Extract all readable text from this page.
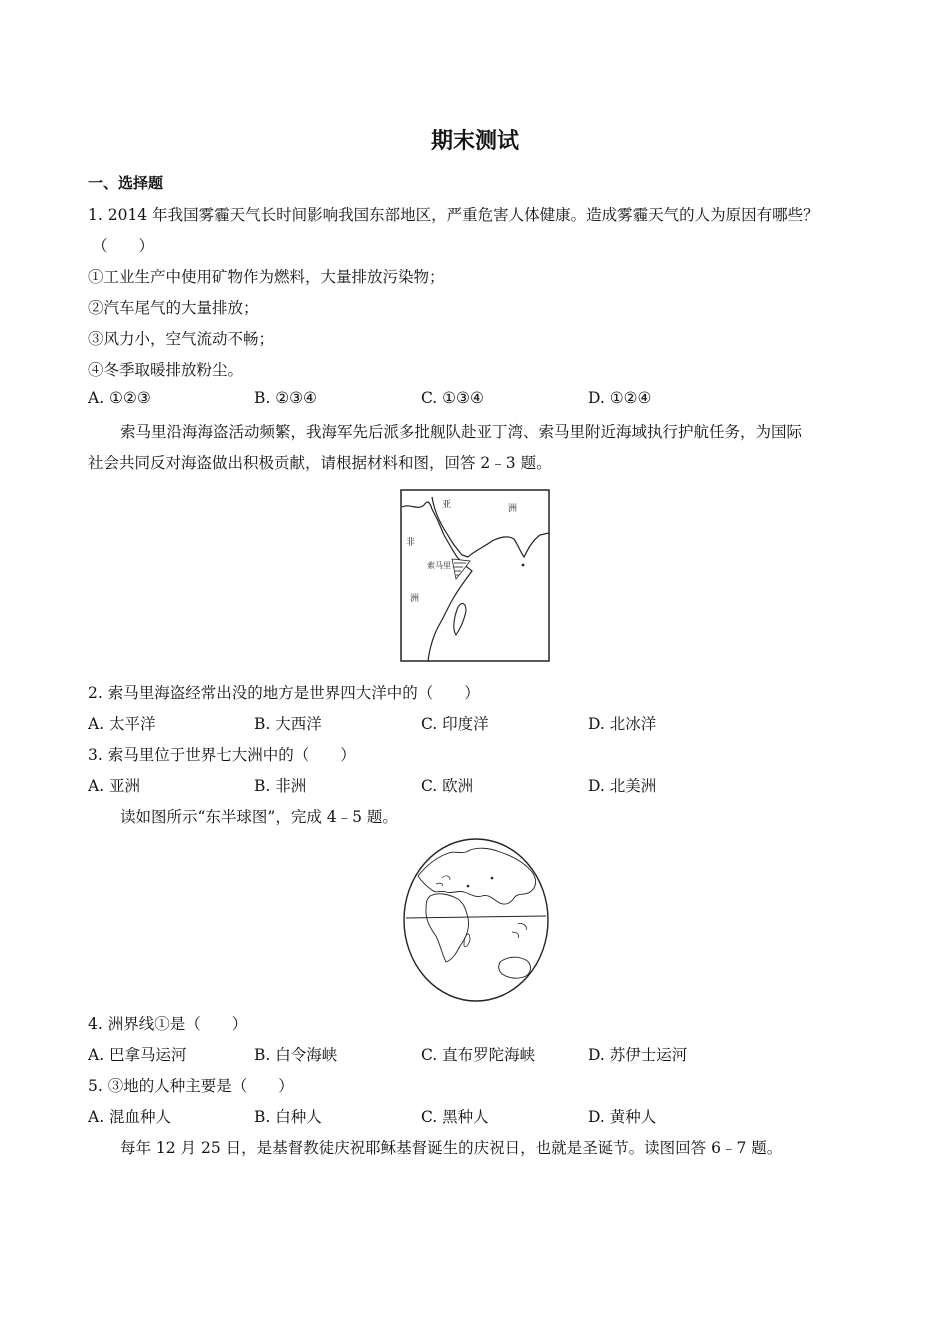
期末测试
一、选择题
1. 2014 年我国雾霾天气长时间影响我国东部地区，严重危害人体健康。造成雾霾天气的人为原因有哪些？
（　　）
①工业生产中使用矿物作为燃料，大量排放污染物；
②汽车尾气的大量排放；
③风力小，空气流动不畅；
④冬季取暖排放粉尘。
A. ①②③	B. ②③④	C. ①③④	D. ①②④
索马里沿海海盗活动频繁，我海军先后派多批舰队赴亚丁湾、索马里附近海域执行护航任务，为国际
社会共同反对海盗做出积极贡献，请根据材料和图，回答 2﹣3 题。
亚	洲
非
洲
索马里
2. 索马里海盗经常出没的地方是世界四大洋中的（　　）
A. 太平洋	B. 大西洋	C. 印度洋	D. 北冰洋
3. 索马里位于世界七大洲中的（　　）
A. 亚洲	B. 非洲	C. 欧洲	D. 北美洲
读如图所示“东半球图”，完成 4﹣5 题。
4. 洲界线①是（　　）
A. 巴拿马运河	B. 白令海峡	C. 直布罗陀海峡	D. 苏伊士运河
5. ③地的人种主要是（　　）
A. 混血种人	B. 白种人	C. 黑种人	D. 黄种人
每年 12 月 25 日，是基督教徒庆祝耶稣基督诞生的庆祝日，也就是圣诞节。读图回答 6﹣7 题。
